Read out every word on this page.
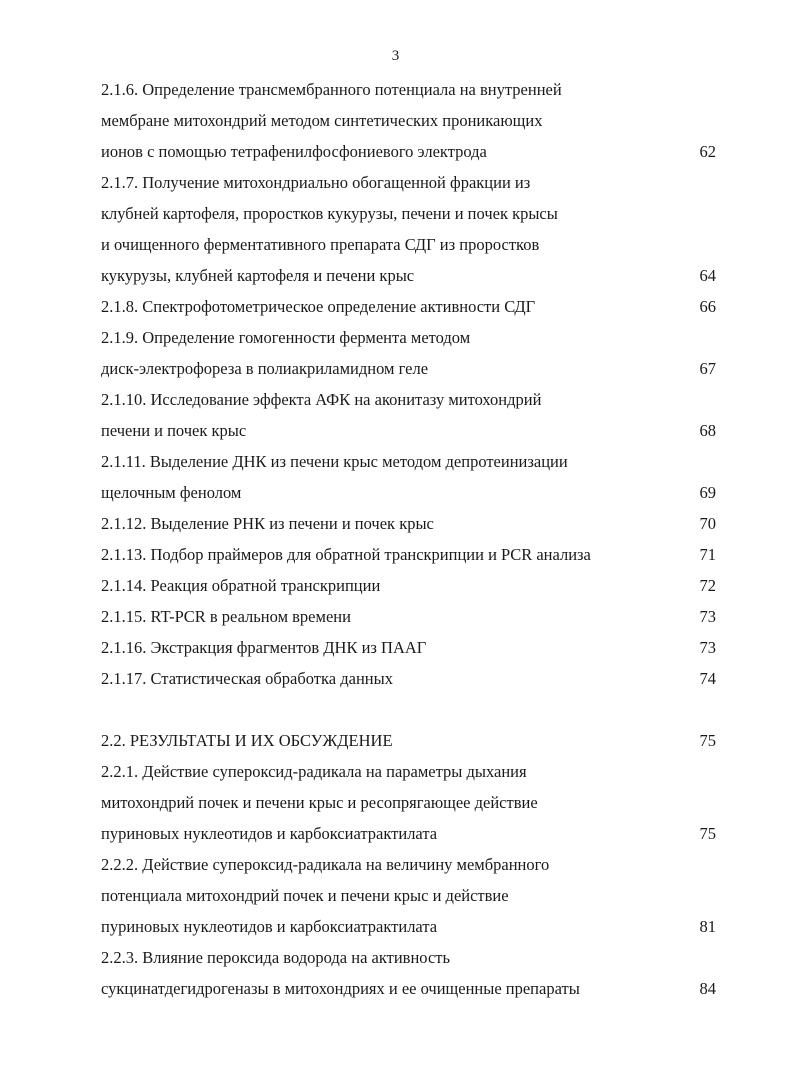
3
2.1.6. Определение трансмембранного потенциала на внутренней
мембране митохондрий методом синтетических проникающих
ионов с помощью тетрафенилфосфониевого электрода	62
2.1.7. Получение митохондриально обогащенной фракции из
клубней картофеля, проростков кукурузы, печени и почек крысы
и очищенного ферментативного препарата СДГ из проростков
кукурузы, клубней картофеля и печени крыс	64
2.1.8. Спектрофотометрическое определение активности СДГ	66
2.1.9. Определение гомогенности фермента методом
диск-электрофореза в полиакриламидном геле	67
2.1.10. Исследование эффекта АФК на аконитазу митохондрий
печени и почек крыс	68
2.1.11. Выделение ДНК из печени крыс методом депротеинизации
щелочным фенолом	69
2.1.12. Выделение РНК из печени и почек крыс	70
2.1.13. Подбор праймеров для обратной транскрипции и PCR анализа	71
2.1.14. Реакция обратной транскрипции	72
2.1.15. RT-PCR в реальном времени	73
2.1.16. Экстракция фрагментов ДНК из ПААГ	73
2.1.17. Статистическая обработка данных	74
2.2. РЕЗУЛЬТАТЫ И ИХ ОБСУЖДЕНИЕ	75
2.2.1. Действие супероксид-радикала на параметры дыхания
митохондрий почек и печени крыс и ресопрягающее действие
пуриновых нуклеотидов и карбоксиатрактилата	75
2.2.2. Действие супероксид-радикала на величину мембранного
потенциала митохондрий почек и печени крыс и действие
пуриновых нуклеотидов и карбоксиатрактилата	81
2.2.3. Влияние пероксида водорода на активность
сукцинатдегидрогеназы в митохондриях и ее очищенные препараты	84
